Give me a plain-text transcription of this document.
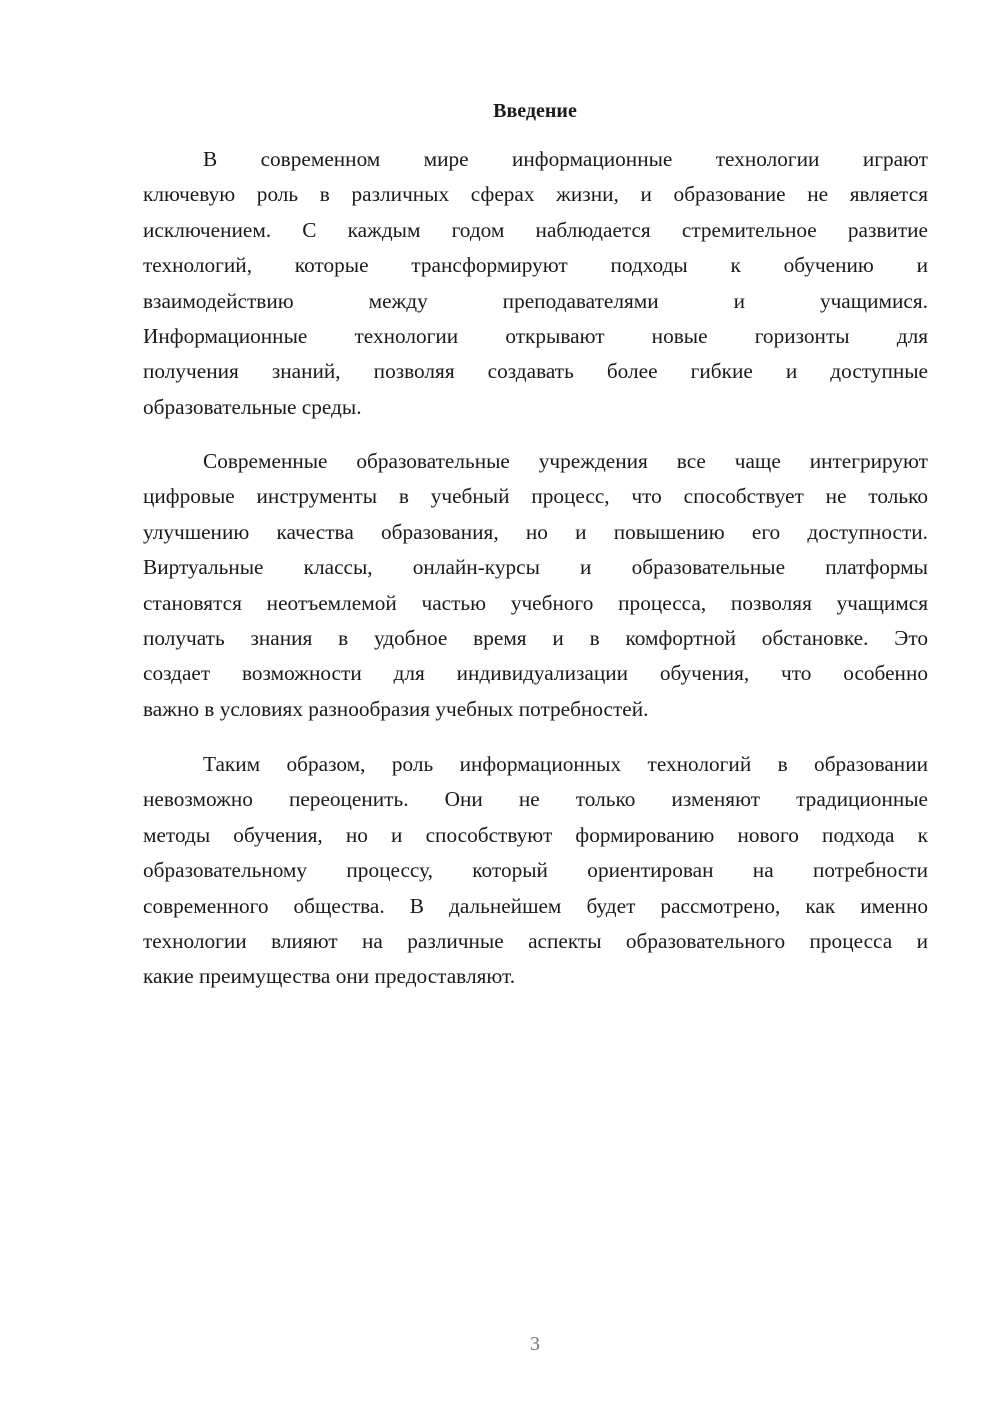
Введение
В современном мире информационные технологии играют
ключевую роль в различных сферах жизни, и образование не является
исключением. С каждым годом наблюдается стремительное развитие
технологий, которые трансформируют подходы к обучению и
взаимодействию между преподавателями и учащимися.
Информационные технологии открывают новые горизонты для
получения знаний, позволяя создавать более гибкие и доступные
образовательные среды.
Современные образовательные учреждения все чаще интегрируют
цифровые инструменты в учебный процесс, что способствует не только
улучшению качества образования, но и повышению его доступности.
Виртуальные классы, онлайн-курсы и образовательные платформы
становятся неотъемлемой частью учебного процесса, позволяя учащимся
получать знания в удобное время и в комфортной обстановке. Это
создает возможности для индивидуализации обучения, что особенно
важно в условиях разнообразия учебных потребностей.
Таким образом, роль информационных технологий в образовании
невозможно переоценить. Они не только изменяют традиционные
методы обучения, но и способствуют формированию нового подхода к
образовательному процессу, который ориентирован на потребности
современного общества. В дальнейшем будет рассмотрено, как именно
технологии влияют на различные аспекты образовательного процесса и
какие преимущества они предоставляют.
3
